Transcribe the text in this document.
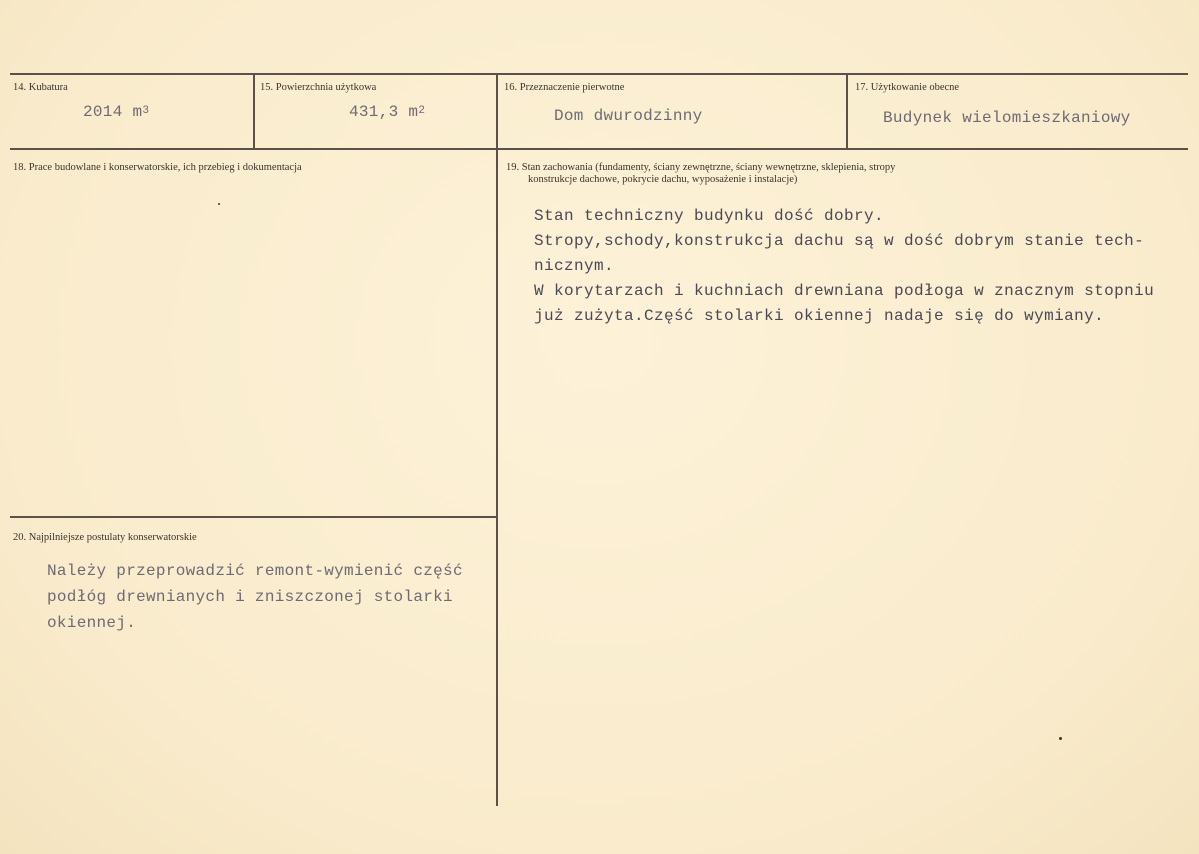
14. Kubatura
2014 $m^3$
15. Powierzchnia użytkowa
431,3 $m^2$
16. Przeznaczenie pierwotne
Dom dwurodzinny
17. Użytkowanie obecne
Budynek wielomieszkaniowy
18. Prace budowlane i konserwatorskie, ich przebieg i dokumentacja	19. Stan zachowania (fundamenty, ściany zewnętrzne, ściany wewnętrzne, sklepienia, stropy
konstrukcje dachowe, pokrycie dachu, wyposażenie i instalacje)
Stan techniczny budynku dość dobry.
Stropy,schody,konstrukcja dachu są w dość dobrym stanie tech-
nicznym.
W korytarzach i kuchniach drewniana podłoga w znacznym stopniu
już zużyta.Część stolarki okiennej nadaje się do wymiany.
20. Najpilniejsze postulaty konserwatorskie
Należy przeprowadzić remont-wymienić część
podłóg drewnianych i zniszczonej stolarki
okiennej.
